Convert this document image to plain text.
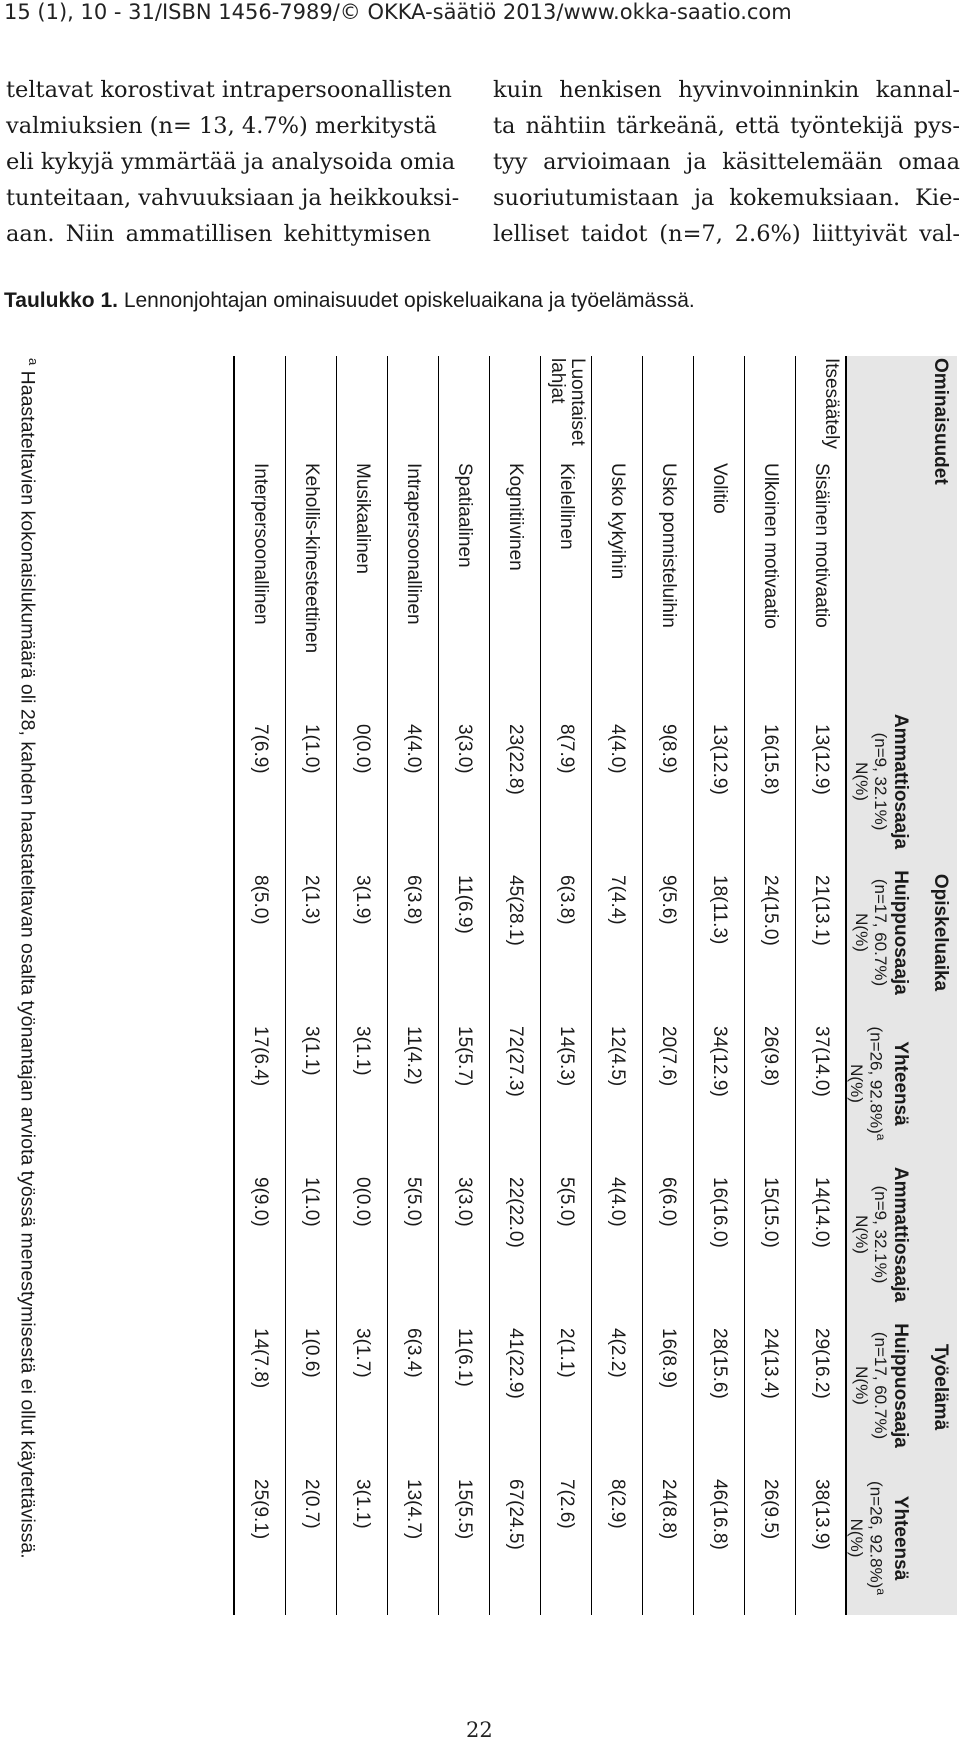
15 (1), 10 - 31/ISBN 1456-7989/© OKKA-säätiö 2013/www.okka-saatio.com

teltavat korostivat intrapersoonallisten
valmiuksien (n= 13, 4.7%) merkitystä
eli kykyjä ymmärtää ja analysoida omia
tunteitaan, vahvuuksiaan ja heikkouksi-
aan. Niin ammatillisen kehittymisen
kuin henkisen hyvinvoinninkin kannal-
ta nähtiin tärkeänä, että työntekijä pys-
tyy arvioimaan ja käsittelemään omaa
suoriutumistaan ja kokemuksiaan. Kie-
lelliset taidot (n=7, 2.6%) liittyivät val-
Taulukko 1. Lennonjohtajan ominaisuudet opiskeluaikana ja työelämässä.
Ominaisuudet		Opiskeluaika			Työelämä		

		Ammattiosaaja
(n=9, 32.1%)
N(%)	Huippuosaaja
(n=17, 60.7%)
N(%)	Yhteensä
(n=26, 92.8%)$^a$
N(%)	Ammattiosaaja
(n=9, 32.1%)
N(%)	Huippuosaaja
(n=17, 60.7%)
N(%)	Yhteensä
(n=26, 92.8%)$^a$
N(%)

Itsesäätely	Sisäinen motivaatio	13(12.9)	21(13.1)	37(14.0)	14(14.0)	29(16.2)	38(13.9)
	Ulkoinen motivaatio	16(15.8)	24(15.0)	26(9.8)	15(15.0)	24(13.4)	26(9.5)
	Volitio	13(12.9)	18(11.3)	34(12.9)	16(16.0)	28(15.6)	46(16.8)
	Usko ponnisteluihin	9(8.9)	9(5.6)	20(7.6)	6(6.0)	16(8.9)	24(8.8)
	Usko kykyihin	4(4.0)	7(4.4)	12(4.5)	4(4.0)	4(2.2)	8(2.9)
Luontaiset lahjat	Kielellinen	8(7.9)	6(3.8)	14(5.3)	5(5.0)	2(1.1)	7(2.6)
	Kognitiivinen	23(22.8)	45(28.1)	72(27.3)	22(22.0)	41(22.9)	67(24.5)
	Spatiaalinen	3(3.0)	11(6.9)	15(5.7)	3(3.0)	11(6.1)	15(5.5)
	Intrapersoonallinen	4(4.0)	6(3.8)	11(4.2)	5(5.0)	6(3.4)	13(4.7)
	Musikaalinen	0(0.0)	3(1.9)	3(1.1)	0(0.0)	3(1.7)	3(1.1)
	Kehollis-kinesteettinen	1(1.0)	2(1.3)	3(1.1)	1(1.0)	1(0.6)	2(0.7)
	Interpersoonallinen	7(6.9)	8(5.0)	17(6.4)	9(9.0)	14(7.8)	25(9.1)
$^a$ Haastateltavien kokonaislukumäärä oli 28, kahden haastateltavan osalta työnantajan arviota työssä menestymisestä ei ollut käytettävissä.
22
